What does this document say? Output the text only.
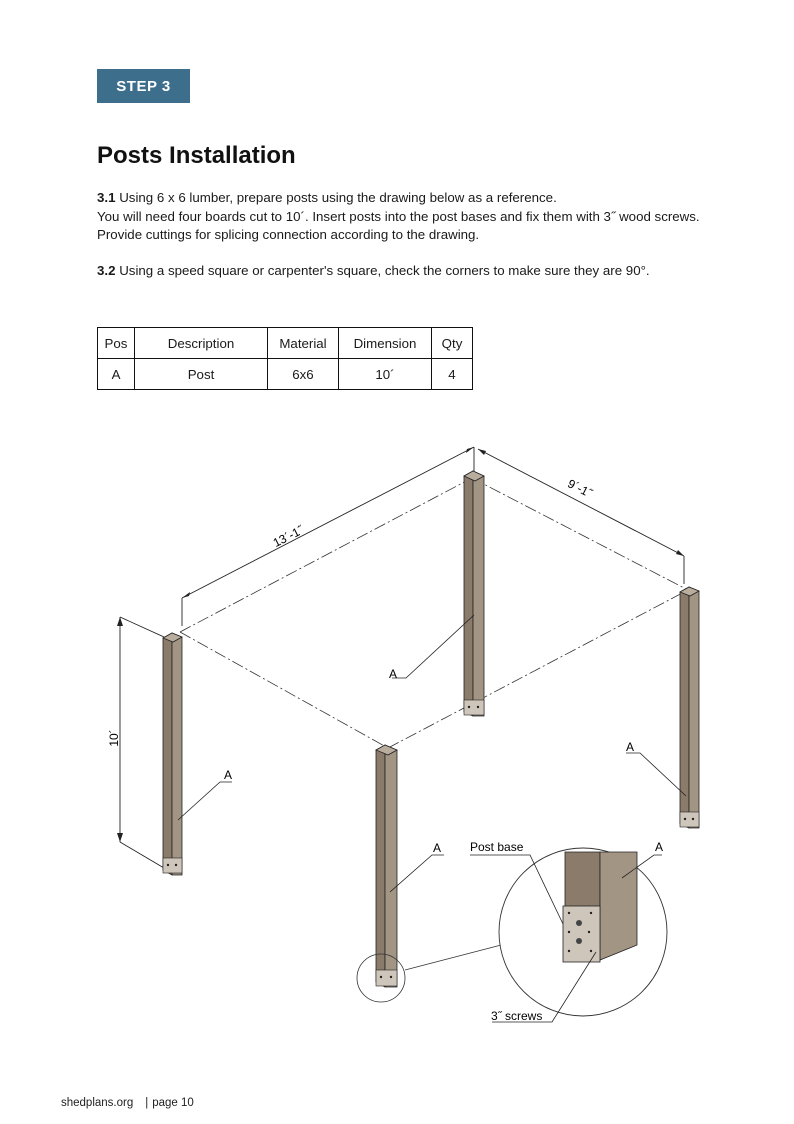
STEP 3
Posts Installation

3.1 Using 6 x 6 lumber, prepare posts using the drawing below as a reference.
You will need four boards cut to 10´. Insert posts into the post bases and fix them with 3˝ wood screws.
Provide cuttings for splicing connection according to the drawing.

3.2 Using a speed square or carpenter's square, check the corners to make sure they are 90°.

Pos	Description	Material	Dimension	Qty
A	Post	6x6	10´	4
13´-1˝
9´-1˝
10´
A
A
A
A Post base	A
3˝ screws
shedplans.org | page 10
